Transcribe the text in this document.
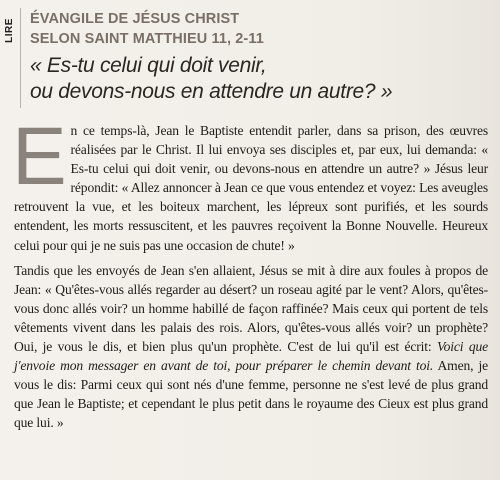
LIRE ÉVANGILE DE JÉSUS CHRIST
SELON SAINT MATTHIEU 11, 2-11
« Es-tu celui qui doit venir,
ou devons-nous en attendre un autre? »

En ce temps-là, Jean le Baptiste entendit parler, dans sa prison, des œuvres réalisées par le Christ. Il lui envoya ses disciples et, par eux, lui demanda: « Es-tu celui qui doit venir, ou devons-nous en attendre un autre? » Jésus leur répondit: « Allez annoncer à Jean ce que vous entendez et voyez: Les aveugles retrouvent la vue, et les boiteux marchent, les lépreux sont purifiés, et les sourds entendent, les morts ressuscitent, et les pauvres reçoivent la Bonne Nouvelle. Heureux celui pour qui je ne suis pas une occasion de chute! »

Tandis que les envoyés de Jean s'en allaient, Jésus se mit à dire aux foules à propos de Jean: « Qu'êtes-vous allés regarder au désert? un roseau agité par le vent? Alors, qu'êtes-vous donc allés voir? un homme habillé de façon raffinée? Mais ceux qui portent de tels vêtements vivent dans les palais des rois. Alors, qu'êtes-vous allés voir? un prophète? Oui, je vous le dis, et bien plus qu'un prophète. C'est de lui qu'il est écrit: Voici que j'envoie mon messager en avant de toi, pour préparer le chemin devant toi. Amen, je vous le dis: Parmi ceux qui sont nés d'une femme, personne ne s'est levé de plus grand que Jean le Baptiste; et cependant le plus petit dans le royaume des Cieux est plus grand que lui. »
